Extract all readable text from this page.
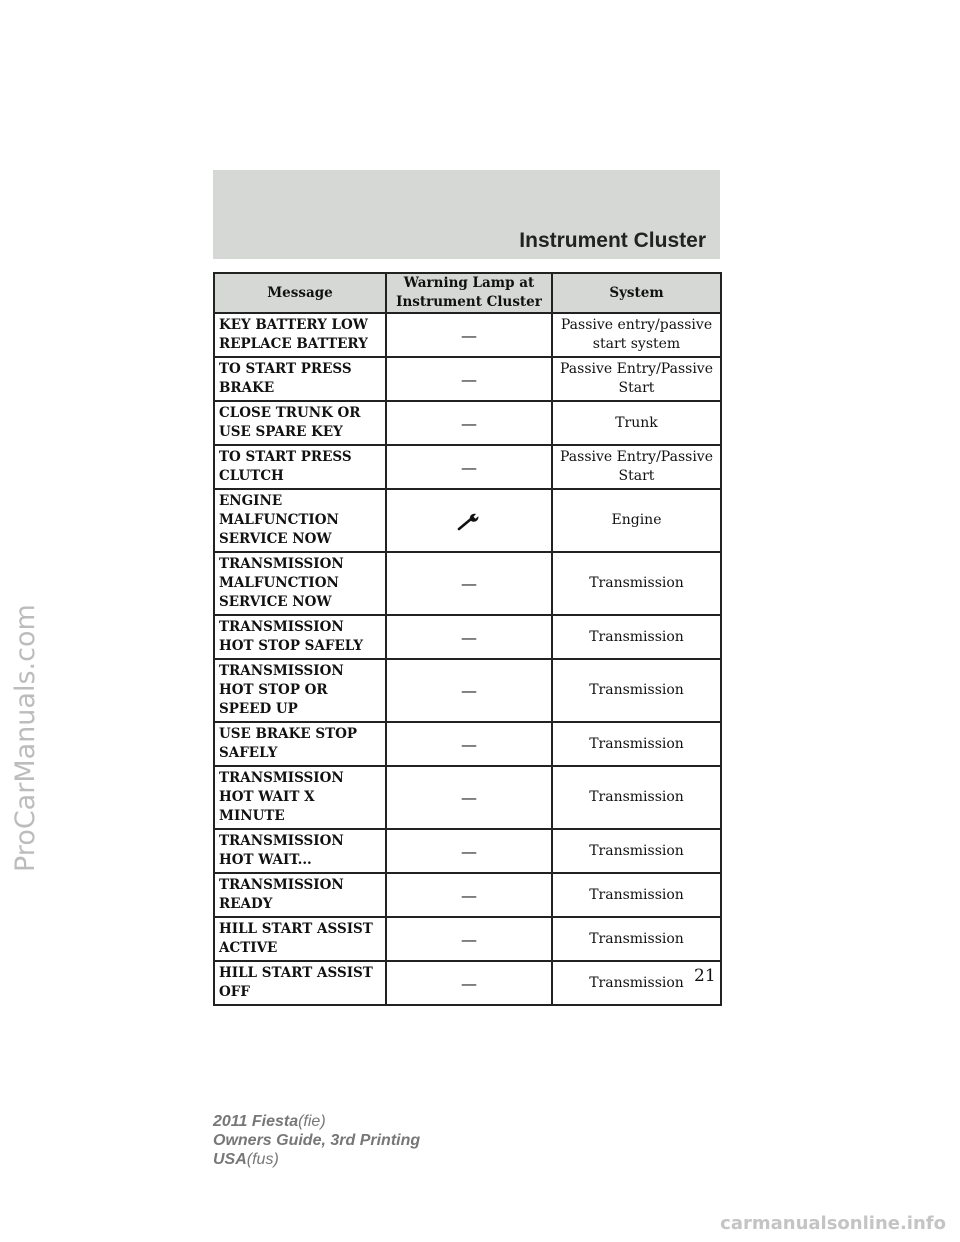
Instrument Cluster
Message	Warning Lamp at Instrument Cluster	System
KEY BATTERY LOW REPLACE BATTERY	—	Passive entry/passive start system
TO START PRESS BRAKE	—	Passive Entry/Passive Start
CLOSE TRUNK OR USE SPARE KEY	—	Trunk
TO START PRESS CLUTCH	—	Passive Entry/Passive Start
ENGINE MALFUNCTION SERVICE NOW		Engine
TRANSMISSION MALFUNCTION SERVICE NOW	—	Transmission
TRANSMISSION HOT STOP SAFELY	—	Transmission
TRANSMISSION HOT STOP OR SPEED UP	—	Transmission
USE BRAKE STOP SAFELY	—	Transmission
TRANSMISSION HOT WAIT X MINUTE	—	Transmission
TRANSMISSION HOT WAIT...	—	Transmission
TRANSMISSION READY	—	Transmission
HILL START ASSIST ACTIVE	—	Transmission
HILL START ASSIST OFF	—	Transmission 21
2011 Fiesta(fie)
Owners Guide, 3rd Printing
USA(fus)
ProCarManuals.com
carmanualsonline.info
